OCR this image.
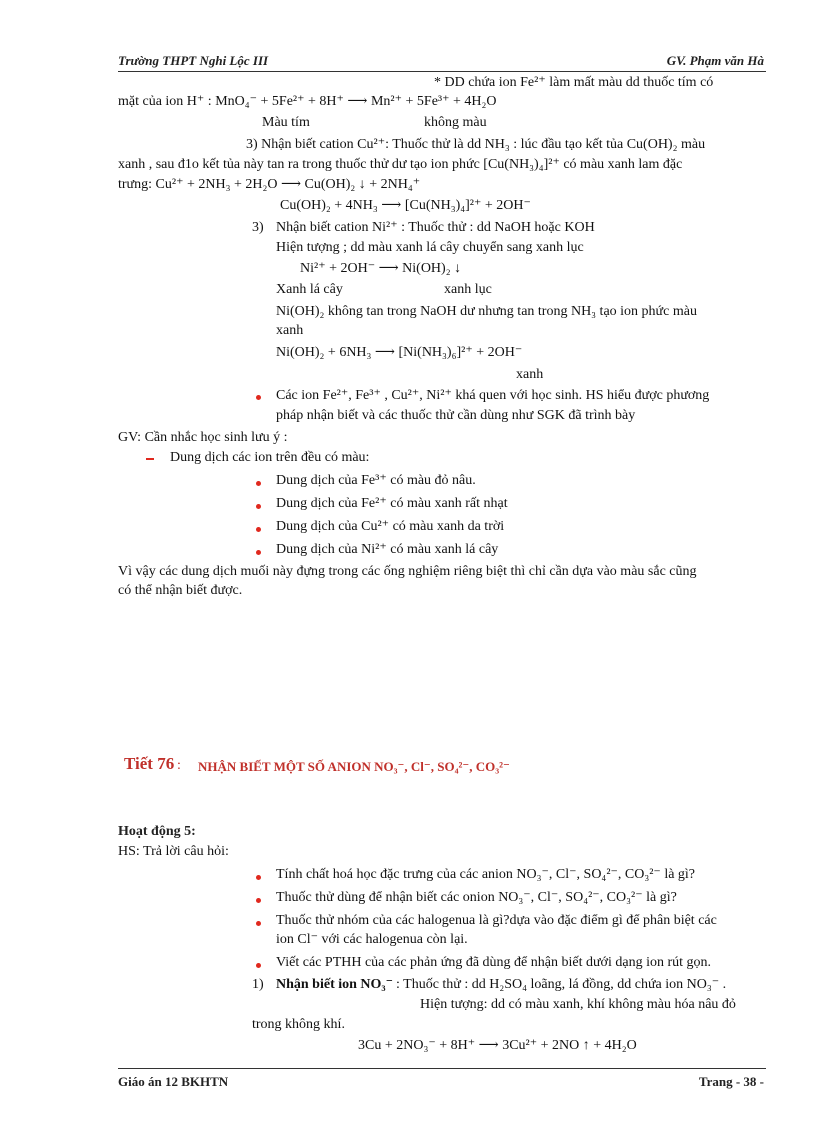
Trường THPT Nghi Lộc III	GV. Phạm văn Hà
* DD chứa ion Fe²⁺ làm mất màu dd thuốc tím có
mặt của ion H⁺ : MnO₄⁻ + 5Fe²⁺ + 8H⁺ ⟶ Mn²⁺ + 5Fe³⁺ + 4H₂O
Màu tím	không màu
3) Nhận biết cation Cu²⁺: Thuốc thử là dd NH₃ : lúc đầu tạo kết tủa Cu(OH)₂ màu
xanh , sau đ1o kết tủa này tan ra trong thuốc thử dư tạo ion phức [Cu(NH₃)₄]²⁺ có màu xanh lam đặc
trưng: Cu²⁺ + 2NH₃ + 2H₂O ⟶ Cu(OH)₂ ↓ + 2NH₄⁺
Cu(OH)₂ + 4NH₃ ⟶ [Cu(NH₃)₄]²⁺ + 2OH⁻
3) Nhận biết cation Ni²⁺ : Thuốc thử : dd NaOH hoặc KOH
Hiện tượng ; dd màu xanh lá cây chuyển sang xanh lục
Ni²⁺ + 2OH⁻ ⟶ Ni(OH)₂ ↓
Xanh lá cây	xanh lục
Ni(OH)₂ không tan trong NaOH dư nhưng tan trong NH₃ tạo ion phức màu
xanh
Ni(OH)₂ + 6NH₃ ⟶ [Ni(NH₃)₆]²⁺ + 2OH⁻
xanh
Các ion Fe²⁺, Fe³⁺ , Cu²⁺, Ni²⁺ khá quen với học sinh. HS hiểu được phương
pháp nhận biết và các thuốc thử cần dùng như SGK đã trình bày
GV: Cần nhắc học sinh lưu ý :
Dung dịch các ion trên đều có màu:
Dung dịch của Fe³⁺ có màu đỏ nâu.
Dung dịch của Fe²⁺ có màu xanh rất nhạt
Dung dịch của Cu²⁺ có màu xanh da trời
Dung dịch của Ni²⁺ có màu xanh lá cây
Vì vậy các dung dịch muối này đựng trong các ống nghiệm riêng biệt thì chỉ cần dựa vào màu sắc cũng
có thể nhận biết được.
Tiết 76 : NHẬN BIẾT MỘT SỐ ANION NO₃⁻, Cl⁻, SO₄²⁻, CO₃²⁻
Hoạt động 5:
HS: Trả lời câu hỏi:
Tính chất hoá học đặc trưng của các anion NO₃⁻, Cl⁻, SO₄²⁻, CO₃²⁻ là gì?
Thuốc thử dùng để nhận biết các onion NO₃⁻, Cl⁻, SO₄²⁻, CO₃²⁻ là gì?
Thuốc thử nhóm của các halogenua là gì?dựa vào đặc điểm gì để phân biệt các
ion Cl⁻ với các halogenua còn lại.
Viết các PTHH của các phản ứng đã dùng để nhận biết dưới dạng ion rút gọn.
1) Nhận biết ion NO₃⁻ : Thuốc thử : dd H₂SO₄ loãng, lá đồng, dd chứa ion NO₃⁻ .
Hiện tượng: dd có màu xanh, khí không màu hóa nâu đỏ
trong không khí.
3Cu + 2NO₃⁻ + 8H⁺ ⟶ 3Cu²⁺ + 2NO ↑ + 4H₂O
Giáo án 12 BKHTN	Trang - 38 -
